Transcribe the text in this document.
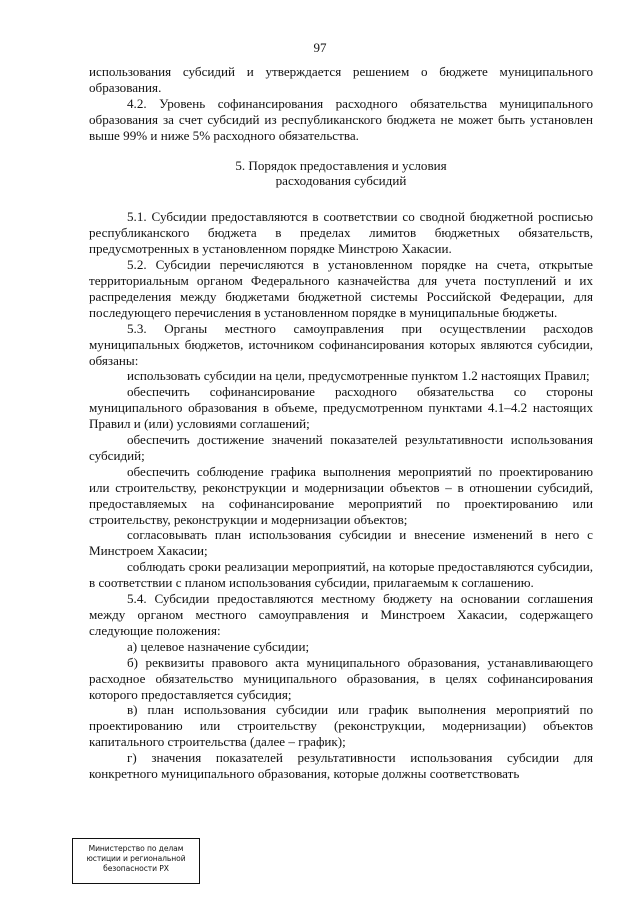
97

использования субсидий и утверждается решением о бюджете муниципального образования.

4.2. Уровень софинансирования расходного обязательства муниципального образования за счет субсидий из республиканского бюджета не может быть установлен выше 99% и ниже 5% расходного обязательства.

5. Порядок предоставления и условия
расходования субсидий

5.1. Субсидии предоставляются в соответствии со сводной бюджетной росписью республиканского бюджета в пределах лимитов бюджетных обязательств, предусмотренных в установленном порядке Минстрою Хакасии.

5.2. Субсидии перечисляются в установленном порядке на счета, открытые территориальным органом Федерального казначейства для учета поступлений и их распределения между бюджетами бюджетной системы Российской Федерации, для последующего перечисления в установленном порядке в муниципальные бюджеты.

5.3. Органы местного самоуправления при осуществлении расходов муниципальных бюджетов, источником софинансирования которых являются субсидии, обязаны:

использовать субсидии на цели, предусмотренные пунктом 1.2 настоящих Правил;

обеспечить софинансирование расходного обязательства со стороны муниципального образования в объеме, предусмотренном пунктами 4.1–4.2 настоящих Правил и (или) условиями соглашений;

обеспечить достижение значений показателей результативности использования субсидий;

обеспечить соблюдение графика выполнения мероприятий по проектированию или строительству, реконструкции и модернизации объектов – в отношении субсидий, предоставляемых на софинансирование мероприятий по проектированию или строительству, реконструкции и модернизации объектов;

согласовывать план использования субсидии и внесение изменений в него с Минстроем Хакасии;

соблюдать сроки реализации мероприятий, на которые предоставляются субсидии, в соответствии с планом использования субсидии, прилагаемым к соглашению.

5.4. Субсидии предоставляются местному бюджету на основании соглашения между органом местного самоуправления и Минстроем Хакасии, содержащего следующие положения:

а) целевое назначение субсидии;

б) реквизиты правового акта муниципального образования, устанавливающего расходное обязательство муниципального образования, в целях софинансирования которого предоставляется субсидия;

в) план использования субсидии или график выполнения мероприятий по проектированию или строительству (реконструкции, модернизации) объектов капитального строительства (далее – график);

г) значения показателей результативности использования субсидии для конкретного муниципального образования, которые должны соответствовать

Министерство по делам
юстиции и региональной
безопасности РХ
